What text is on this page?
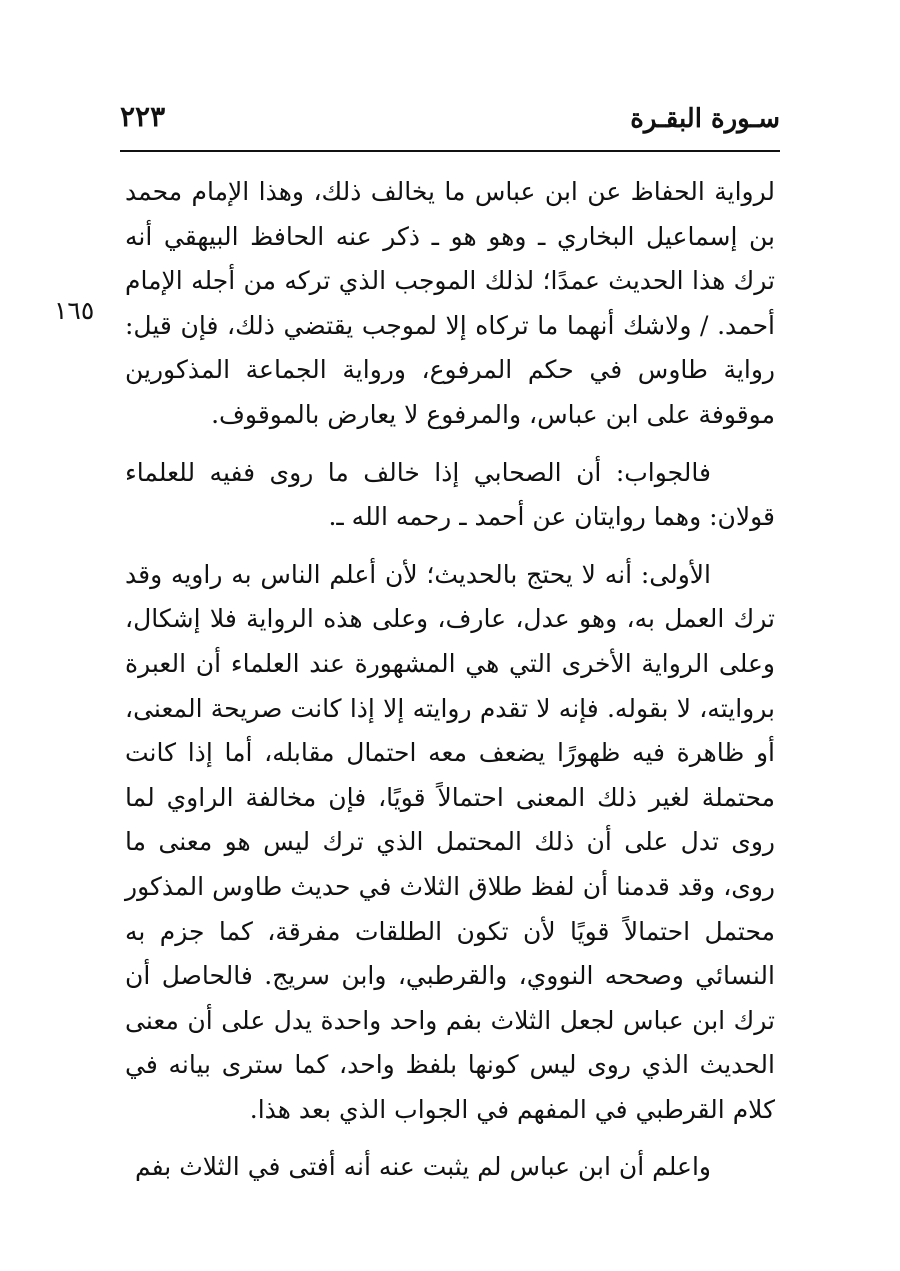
سـورة البقـرة
٢٢٣
١٦٥

لرواية الحفاظ عن ابن عباس ما يخالف ذلك، وهذا الإمام محمد بن إسماعيل البخاري ـ وهو هو ـ ذكر عنه الحافظ البيهقي أنه ترك هذا الحديث عمدًا؛ لذلك الموجب الذي تركه من أجله الإمام أحمد. / ولاشك أنهما ما تركاه إلا لموجب يقتضي ذلك، فإن قيل: رواية طاوس في حكم المرفوع، ورواية الجماعة المذكورين موقوفة على ابن عباس، والمرفوع لا يعارض بالموقوف.

فالجواب: أن الصحابي إذا خالف ما روى ففيه للعلماء قولان: وهما روايتان عن أحمد ـ رحمه الله ـ.

الأولى: أنه لا يحتج بالحديث؛ لأن أعلم الناس به راويه وقد ترك العمل به، وهو عدل، عارف، وعلى هذه الرواية فلا إشكال، وعلى الرواية الأخرى التي هي المشهورة عند العلماء أن العبرة بروايته، لا بقوله. فإنه لا تقدم روايته إلا إذا كانت صريحة المعنى، أو ظاهرة فيه ظهورًا يضعف معه احتمال مقابله، أما إذا كانت محتملة لغير ذلك المعنى احتمالاً قويًا، فإن مخالفة الراوي لما روى تدل على أن ذلك المحتمل الذي ترك ليس هو معنى ما روى، وقد قدمنا أن لفظ طلاق الثلاث في حديث طاوس المذكور محتمل احتمالاً قويًا لأن تكون الطلقات مفرقة، كما جزم به النسائي وصححه النووي، والقرطبي، وابن سريج. فالحاصل أن ترك ابن عباس لجعل الثلاث بفم واحد واحدة يدل على أن معنى الحديث الذي روى ليس كونها بلفظ واحد، كما سترى بيانه في كلام القرطبي في المفهم في الجواب الذي بعد هذا.

واعلم أن ابن عباس لم يثبت عنه أنه أفتى في الثلاث بفم
